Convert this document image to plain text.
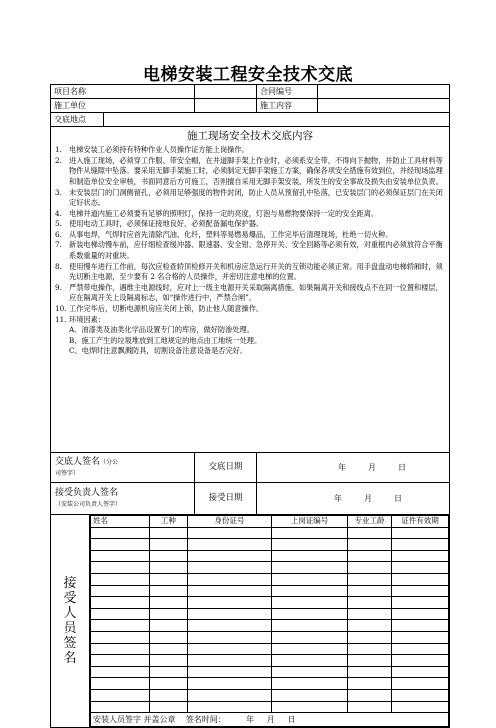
电梯安装工程安全技术交底
项目名称		合同编号	
施工单位		施工内容	
交底地点	

施工现场安全技术交底内容
1. 电梯安装工必须持有特种作业人员操作证方能上岗操作。
2. 进入施工现场，必须穿工作服、带安全帽，在井道脚手架上作业时，必须系安全带，不得向下抛物，并防止工具材料等物件从缝隙中坠落。要采用无脚手架施工时，必须制定无脚手架施工方案，确保各项安全措施有效到位，并经现场监理和制造单位安全审核，书面同意后方可施工，否则擅自采用无脚手架安装，所发生的安全事故及损失由安装单位负责。
3. 未安装层门的门洞侧留孔，必须用足够强度的物件封闭，防止人员从预留孔中坠落，已安装层门的必须保证层门在关闭定好状态。
4. 电梯井道内施工必须要有足够的照明灯，保持一定的亮度，灯泡与易燃物要保持一定的安全距离。
5. 使用电动工具时，必须保证接地良好，必须配备漏电保护器。
6. 从事电焊，气焊时应首先清除汽油、化纤，塑料等易燃易爆品，工作完毕后清理现场，杜绝一切火种。
7. 新装电梯动慢车前，应仔细检查缓冲器、限速器、安全钳、急停开关、安全回路等必须有效，对重框内必须放符合平衡系数重量的对重块。
8. 使用慢车进行工作前，每次应检查轿顶检修开关和机房应急运行开关的互锁功能必须正常。用手盘盘动电梯轿厢时，须先切断主电源，至少要有 2 名合格的人员操作，并密切注意电梯的位置。
9. 严禁带电操作，遇维主电源线时，应对上一级主电源开关采取隔离措施。如果隔离开关和接线点不在同一位置和楼层，应在隔离开关上设隔离标志，如“操作进行中，严禁合闸”。
10. 工作完毕后，切断电源机房应关闭上锁，防止他人随意操作。
11. 环境因素：
A、油漆类及油类化学品设置专门的库房，做好防渗处理。
B、施工产生的垃圾堆放到工地规定的地点由工地统一处理。
C、电焊时注意飘溅防具，切割设备注意设备是否完好。

交底人签名（分公
司签字）	交底日期	年	月	日
接受负责人签名
（安装公司负责人签字）	接受日期	年	月	日

接受人员签名

姓名	工种	身份证号	上岗证编号	专业工龄	证件有效期

安装人员签字 并盖公章    签名时间：        年     月     日
